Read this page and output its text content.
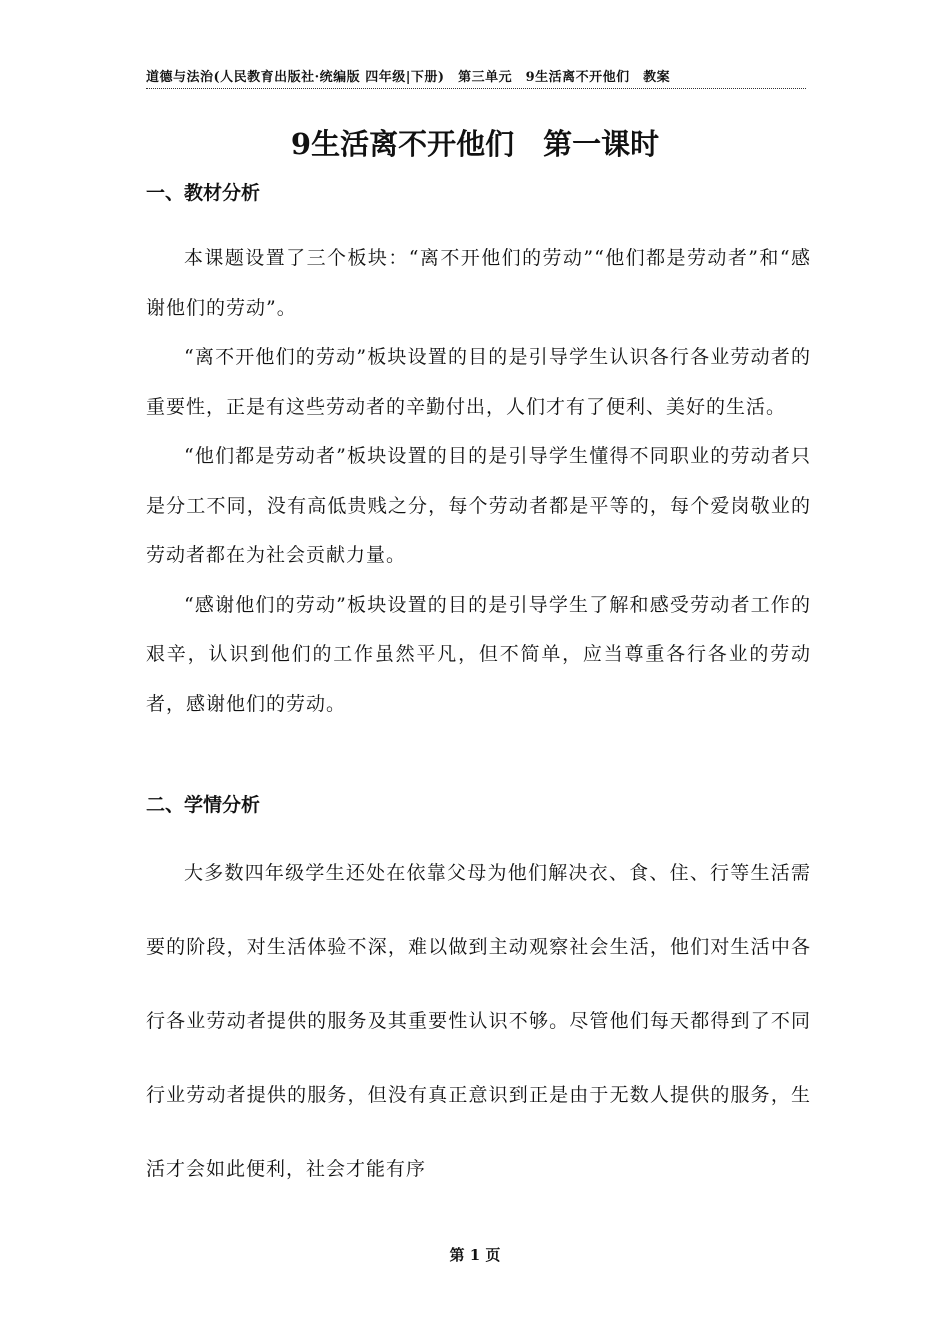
道德与法治(人民教育出版社·统编版 四年级|下册)　第三单元　9生活离不开他们　教案
9生活离不开他们　第一课时
一、教材分析

本课题设置了三个板块：“离不开他们的劳动”“他们都是劳动者”和“感谢他们的劳动”。

“离不开他们的劳动”板块设置的目的是引导学生认识各行各业劳动者的重要性，正是有这些劳动者的辛勤付出，人们才有了便利、美好的生活。

“他们都是劳动者”板块设置的目的是引导学生懂得不同职业的劳动者只是分工不同，没有高低贵贱之分，每个劳动者都是平等的，每个爱岗敬业的劳动者都在为社会贡献力量。

“感谢他们的劳动”板块设置的目的是引导学生了解和感受劳动者工作的艰辛，认识到他们的工作虽然平凡，但不简单，应当尊重各行各业的劳动者，感谢他们的劳动。

二、学情分析

大多数四年级学生还处在依靠父母为他们解决衣、食、住、行等生活需要的阶段，对生活体验不深，难以做到主动观察社会生活，他们对生活中各行各业劳动者提供的服务及其重要性认识不够。尽管他们每天都得到了不同行业劳动者提供的服务，但没有真正意识到正是由于无数人提供的服务，生活才会如此便利，社会才能有序

第 1 页
